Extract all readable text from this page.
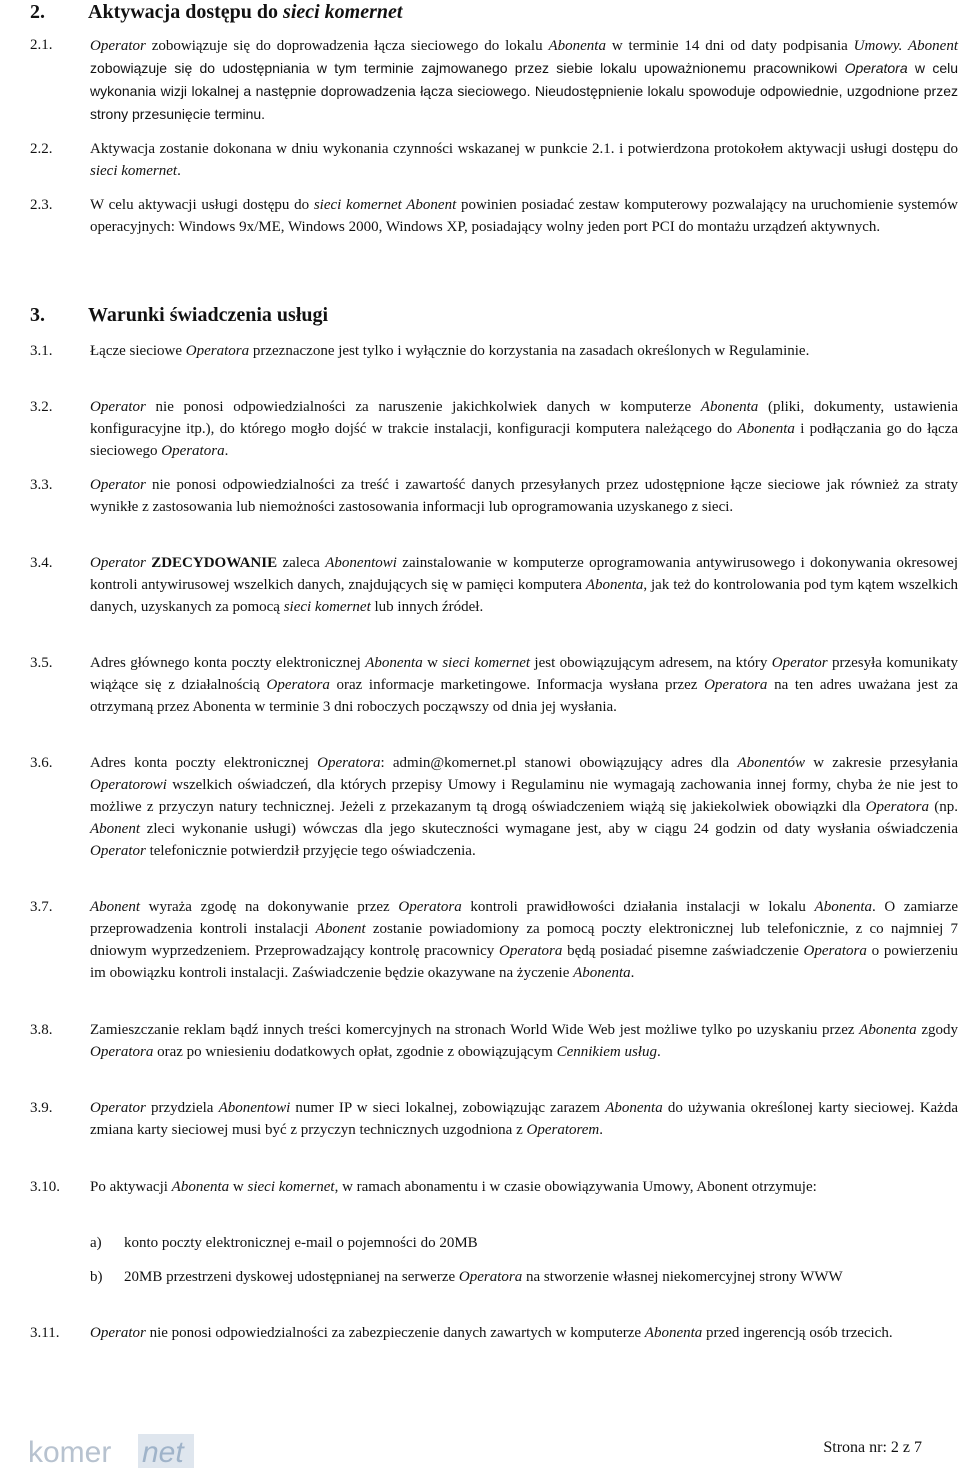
2. Aktywacja dostępu do sieci komernet
2.1.	Operator zobowiązuje się do doprowadzenia łącza sieciowego do lokalu Abonenta w terminie 14 dni od daty podpisania Umowy. Abonent zobowiązuje się do udostępniania w tym terminie zajmowanego przez siebie lokalu upoważnionemu pracownikowi Operatora w celu wykonania wizji lokalnej a następnie doprowadzenia łącza sieciowego. Nieudostępnienie lokalu spowoduje odpowiednie, uzgodnione przez strony przesunięcie terminu.
2.2.	Aktywacja zostanie dokonana w dniu wykonania czynności wskazanej w punkcie 2.1. i potwierdzona protokołem aktywacji usługi dostępu do sieci komernet.
2.3.	W celu aktywacji usługi dostępu do sieci komernet Abonent powinien posiadać zestaw komputerowy pozwalający na uruchomienie systemów operacyjnych: Windows 9x/ME, Windows 2000, Windows XP, posiadający wolny jeden port PCI do montażu urządzeń aktywnych.
3. Warunki świadczenia usługi
3.1.	Łącze sieciowe Operatora przeznaczone jest tylko i wyłącznie do korzystania na zasadach określonych w Regulaminie.
3.2.	Operator nie ponosi odpowiedzialności za naruszenie jakichkolwiek danych w komputerze Abonenta (pliki, dokumenty, ustawienia konfiguracyjne itp.), do którego mogło dojść w trakcie instalacji, konfiguracji komputera należącego do Abonenta i podłączania go do łącza sieciowego Operatora.
3.3.	Operator nie ponosi odpowiedzialności za treść i zawartość danych przesyłanych przez udostępnione łącze sieciowe jak również za straty wynikłe z zastosowania lub niemożności zastosowania informacji lub oprogramowania uzyskanego z sieci.
3.4.	Operator ZDECYDOWANIE zaleca Abonentowi zainstalowanie w komputerze oprogramowania antywirusowego i dokonywania okresowej kontroli antywirusowej wszelkich danych, znajdujących się w pamięci komputera Abonenta, jak też do kontrolowania pod tym kątem wszelkich danych, uzyskanych za pomocą sieci komernet lub innych źródeł.
3.5.	Adres głównego konta poczty elektronicznej Abonenta w sieci komernet jest obowiązującym adresem, na który Operator przesyła komunikaty wiążące się z działalnością Operatora oraz informacje marketingowe. Informacja wysłana przez Operatora na ten adres uważana jest za otrzymaną przez Abonenta w terminie 3 dni roboczych począwszy od dnia jej wysłania.
3.6.	Adres konta poczty elektronicznej Operatora: admin@komernet.pl stanowi obowiązujący adres dla Abonentów w zakresie przesyłania Operatorowi wszelkich oświadczeń, dla których przepisy Umowy i Regulaminu nie wymagają zachowania innej formy, chyba że nie jest to możliwe z przyczyn natury technicznej. Jeżeli z przekazanym tą drogą oświadczeniem wiążą się jakiekolwiek obowiązki dla Operatora (np. Abonent zleci wykonanie usługi) wówczas dla jego skuteczności wymagane jest, aby w ciągu 24 godzin od daty wysłania oświadczenia Operator telefonicznie potwierdził przyjęcie tego oświadczenia.
3.7.	Abonent wyraża zgodę na dokonywanie przez Operatora kontroli prawidłowości działania instalacji w lokalu Abonenta. O zamiarze przeprowadzenia kontroli instalacji Abonent zostanie powiadomiony za pomocą poczty elektronicznej lub telefonicznie, z co najmniej 7 dniowym wyprzedzeniem. Przeprowadzający kontrolę pracownicy Operatora będą posiadać pisemne zaświadczenie Operatora o powierzeniu im obowiązku kontroli instalacji. Zaświadczenie będzie okazywane na życzenie Abonenta.
3.8.	Zamieszczanie reklam bądź innych treści komercyjnych na stronach World Wide Web jest możliwe tylko po uzyskaniu przez Abonenta zgody Operatora oraz po wniesieniu dodatkowych opłat, zgodnie z obowiązującym Cennikiem usług.
3.9.	Operator przydziela Abonentowi numer IP w sieci lokalnej, zobowiązując zarazem Abonenta do używania określonej karty sieciowej. Każda zmiana karty sieciowej musi być z przyczyn technicznych uzgodniona z Operatorem.
3.10. Po aktywacji Abonenta w sieci komernet, w ramach abonamentu i w czasie obowiązywania Umowy, Abonent otrzymuje:
a) konto poczty elektronicznej e-mail o pojemności do 20MB
b) 20MB przestrzeni dyskowej udostępnianej na serwerze Operatora na stworzenie własnej niekomercyjnej strony WWW
3.11. Operator nie ponosi odpowiedzialności za zabezpieczenie danych zawartych w komputerze Abonenta przed ingerencją osób trzecich.
komer net	Strona nr: 2 z 7
